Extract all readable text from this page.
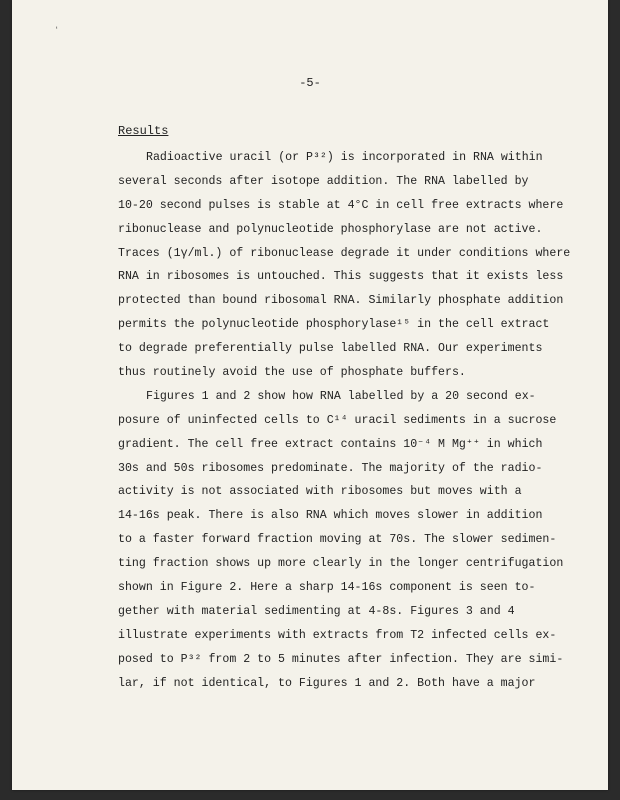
ʻ
-5-
Results
Radioactive uracil (or P³²) is incorporated in RNA within
several seconds after isotope addition. The RNA labelled by
10-20 second pulses is stable at 4°C in cell free extracts where
ribonuclease and polynucleotide phosphorylase are not active.
Traces (1γ/ml.) of ribonuclease degrade it under conditions where
RNA in ribosomes is untouched. This suggests that it exists less
protected than bound ribosomal RNA. Similarly phosphate addition
permits the polynucleotide phosphorylase¹⁵ in the cell extract
to degrade preferentially pulse labelled RNA. Our experiments
thus routinely avoid the use of phosphate buffers.
Figures 1 and 2 show how RNA labelled by a 20 second ex-
posure of uninfected cells to C¹⁴ uracil sediments in a sucrose
gradient. The cell free extract contains 10⁻⁴ M Mg⁺⁺ in which
30s and 50s ribosomes predominate. The majority of the radio-
activity is not associated with ribosomes but moves with a
14-16s peak. There is also RNA which moves slower in addition
to a faster forward fraction moving at 70s. The slower sedimen-
ting fraction shows up more clearly in the longer centrifugation
shown in Figure 2. Here a sharp 14-16s component is seen to-
gether with material sedimenting at 4-8s. Figures 3 and 4
illustrate experiments with extracts from T2 infected cells ex-
posed to P³² from 2 to 5 minutes after infection. They are simi-
lar, if not identical, to Figures 1 and 2. Both have a major
